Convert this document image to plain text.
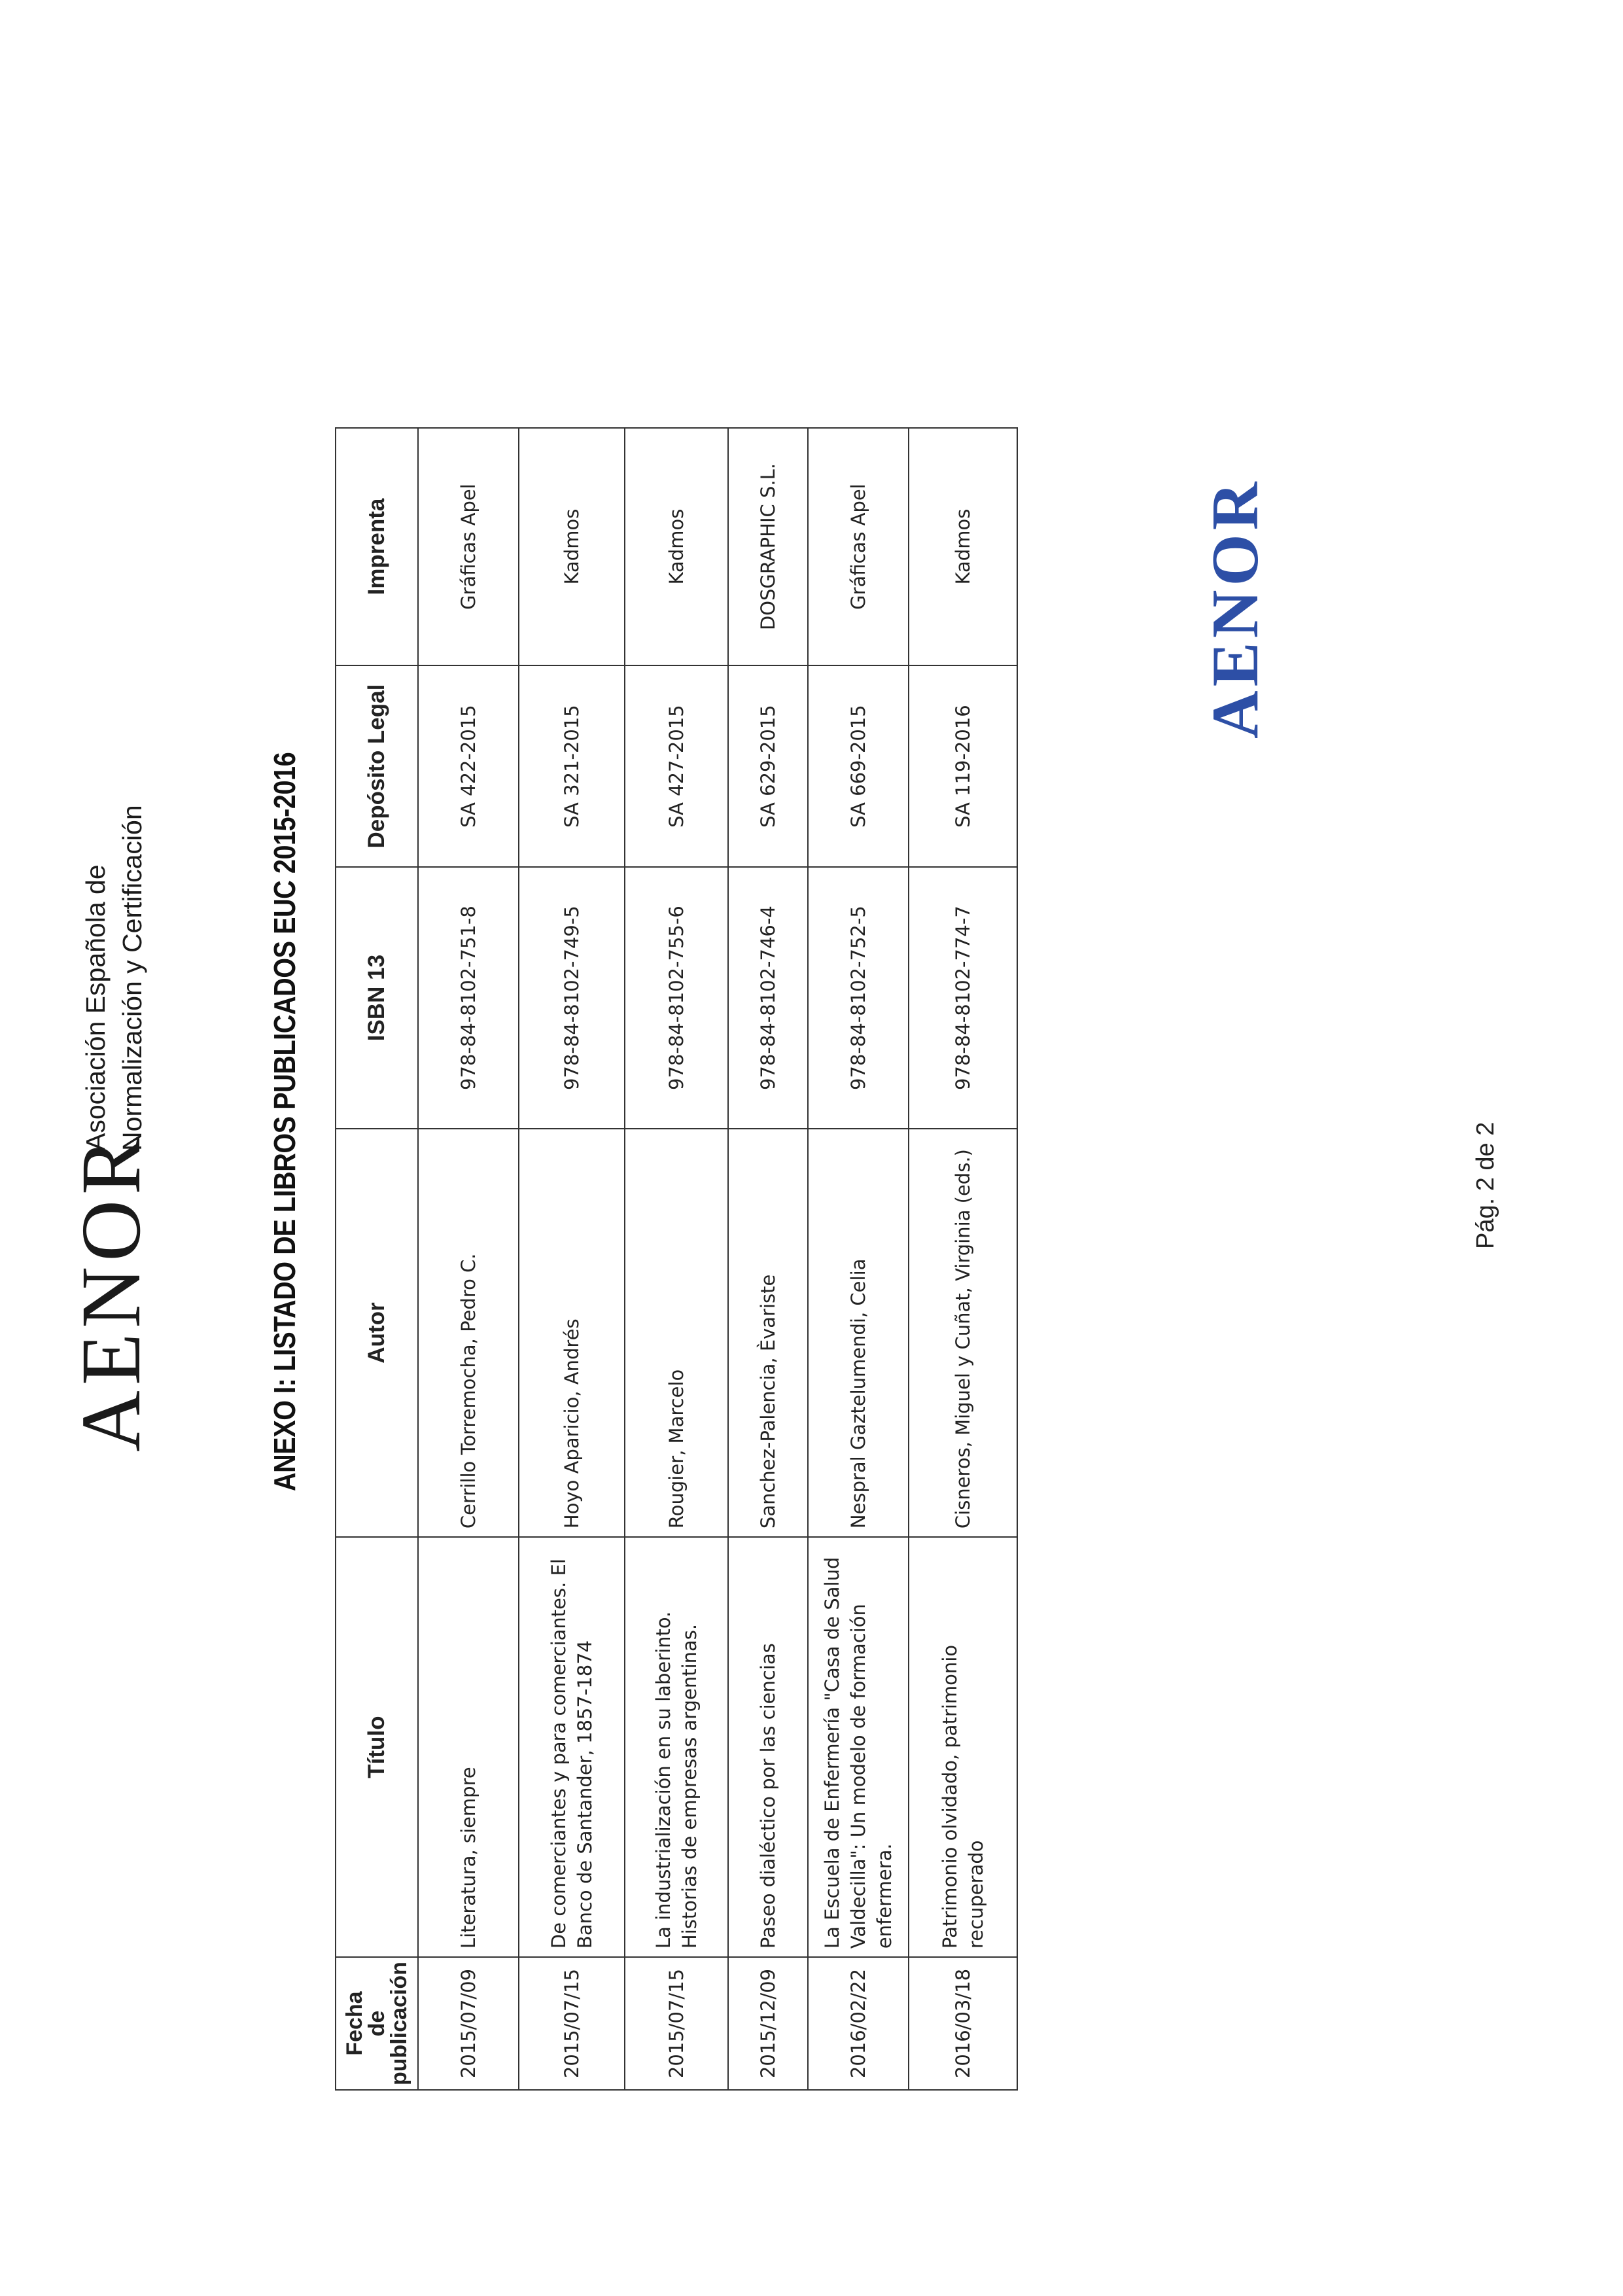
AENOR
Asociación Española de Normalización y Certificación	ANEXO I: LISTADO DE LIBROS PUBLICADOS EUC 2015-2016
Fecha
de
publicación	Título	Autor	ISBN 13	Depósito Legal	Imprenta
2015/07/09	Literatura, siempre	Cerrillo Torremocha, Pedro C.	978-84-8102-751-8	SA 422-2015	Gráficas Apel
2015/07/15	De comerciantes y para comerciantes. El Banco de Santander, 1857-1874	Hoyo Aparicio, Andrés	978-84-8102-749-5	SA 321-2015	Kadmos
2015/07/15	La industrialización en su laberinto. Historias de empresas argentinas.	Rougier, Marcelo	978-84-8102-755-6	SA 427-2015	Kadmos
2015/12/09	Paseo dialéctico por las ciencias	Sanchez-Palencia, Èvariste	978-84-8102-746-4	SA 629-2015	DOSGRAPHIC S.L.
2016/02/22	La Escuela de Enfermería "Casa de Salud Valdecilla": Un modelo de formación enfermera.	Nespral Gaztelumendi, Celia	978-84-8102-752-5	SA 669-2015	Gráficas Apel
2016/03/18	Patrimonio olvidado, patrimonio recuperado	Cisneros, Miguel y Cuñat, Virginia (eds.)	978-84-8102-774-7	SA 119-2016	Kadmos	AENOR
Pág. 2 de 2
